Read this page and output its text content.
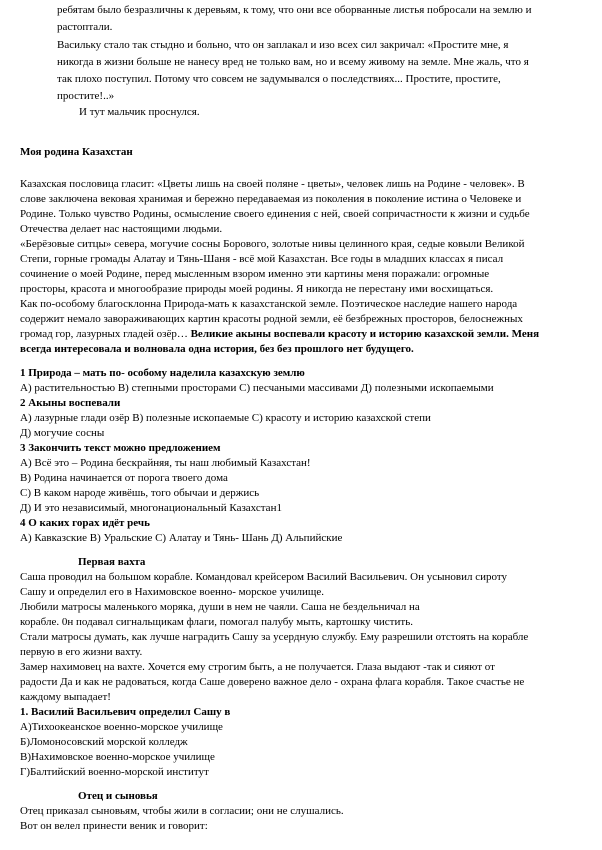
ребятам было безразличны к деревьям, к тому, что они все оборванные листья побросали на землю и
растоптали.
Васильку стало так стыдно и больно, что он заплакал и изо всех сил закричал: «Простите мне, я
никогда в жизни больше не нанесу вред не только вам, но и всему живому на земле. Мне жаль, что я
так плохо поступил. Потому что совсем не задумывался о последствиях... Простите, простите,
простите!..»
И тут мальчик проснулся.
Моя родина Казахстан
Казахская пословица гласит: «Цветы лишь на своей поляне - цветы», человек лишь на Родине - человек». В
слове заключена вековая хранимая и бережно передаваемая из поколения в поколение истина о Человеке и
Родине. Только чувство Родины, осмысление своего единения с ней, своей сопричастности к жизни и судьбе
Отечества делает нас настоящими людьми.
«Берёзовые ситцы» севера, могучие сосны Борового, золотые нивы целинного края, седые ковыли Великой
Степи, горные громады Алатау и Тянь-Шаня - всё мой Казахстан. Все годы в младших классах я писал
сочинение о моей Родине, перед мысленным взором именно эти картины меня поражали: огромные
просторы, красота и многообразие природы моей родины. Я никогда не перестану ими восхищаться.
Как по-особому благосклонна Природа-мать к казахстанской земле. Поэтическое наследие нашего народа
содержит немало завораживающих картин красоты родной земли, её безбрежных просторов, белоснежных
громад гор, лазурных гладей озёр… Великие акыны воспевали красоту и историю казахской земли. Меня
всегда интересовала и волновала одна история, без без прошлого нет будущего.
1 Природа – мать по- особому наделила казахскую землю
А) растительностью В) степными просторами С) песчаными массивами Д) полезными ископаемыми
2 Акыны воспевали
А) лазурные глади озёр В) полезные ископаемые С) красоту и историю казахской степи
Д) могучие сосны
3 Закончить текст можно предложением
А) Всё это – Родина бескрайняя, ты наш любимый Казахстан!
В) Родина начинается от порога твоего дома
С) В каком народе живёшь, того обычаи и держись
Д) И это независимый, многонациональный Казахстан1
4 О каких горах идёт речь
А) Кавказские В) Уральские С) Алатау и Тянь- Шань Д) Альпийские
Первая вахта
Саша проводил на большом корабле. Командовал крейсером Василий Васильевич. Он усыновил сироту
Сашу и определил его в Нахимовское военно- морское училище.
Любили матросы маленького моряка, души в нем не чаяли. Саша не бездельничал на
корабле. 0н подавал сигнальщикам флаги, помогал палубу мыть, картошку чистить.
Стали матросы думать, как лучше наградить Сашу за усердную службу. Ему разрешили отстоять на корабле
первую в его жизни вахту.
Замер нахимовец на вахте. Хочется ему строгим быть, а не получается. Глаза выдают -так и сияют от
радости Да и как не радоваться, когда Саше доверено важное дело - охрана флага корабля. Такое счастье не
каждому выпадает!
1. Василий Васильевич определил Сашу в
А)Тихоокеанское военно-морское училище
Б)Ломоносовский морской колледж
В)Нахимовское военно-морское училище
Г)Балтийский военно-морской институт
Отец и сыновья
Отец приказал сыновьям, чтобы жили в согласии; они не слушались.
Вот он велел принести веник и говорит:
